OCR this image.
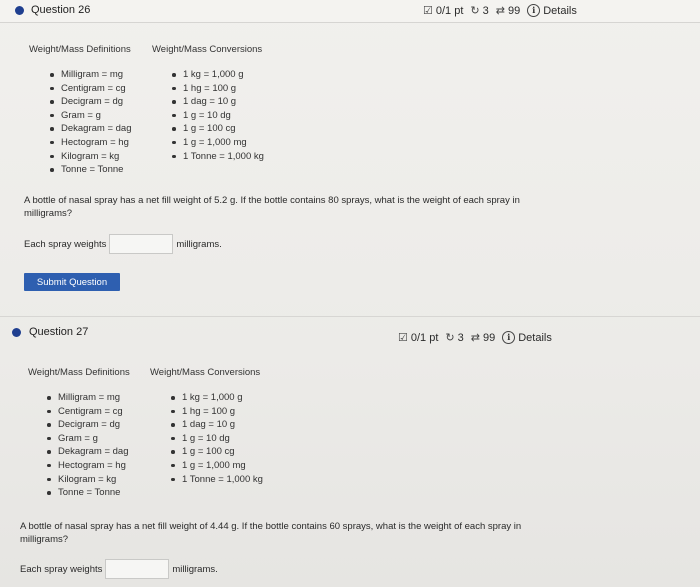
Question 26	☑ 0/1 pt ↻ 3 ⇄ 99	i Details
Weight/Mass Definitions Weight/Mass Conversions
Milligram = mg
Centigram = cg
Decigram = dg
Gram = g
Dekagram = dag
Hectogram = hg
Kilogram = kg
Tonne = Tonne
1 kg = 1,000 g
1 hg = 100 g
1 dag = 10 g
1 g = 10 dg
1 g = 100 cg
1 g = 1,000 mg
1 Tonne = 1,000 kg
A bottle of nasal spray has a net fill weight of 5.2 g. If the bottle contains 80 sprays, what is the weight of each spray in milligrams?
Each spray weights	milligrams.
Submit Question
Question 27	☑ 0/1 pt ↻ 3 ⇄ 99	i Details
Weight/Mass Definitions Weight/Mass Conversions
Milligram = mg
Centigram = cg
Decigram = dg
Gram = g
Dekagram = dag
Hectogram = hg
Kilogram = kg
Tonne = Tonne
1 kg = 1,000 g
1 hg = 100 g
1 dag = 10 g
1 g = 10 dg
1 g = 100 cg
1 g = 1,000 mg
1 Tonne = 1,000 kg
A bottle of nasal spray has a net fill weight of 4.44 g. If the bottle contains 60 sprays, what is the weight of each spray in milligrams?
Each spray weights	milligrams.
